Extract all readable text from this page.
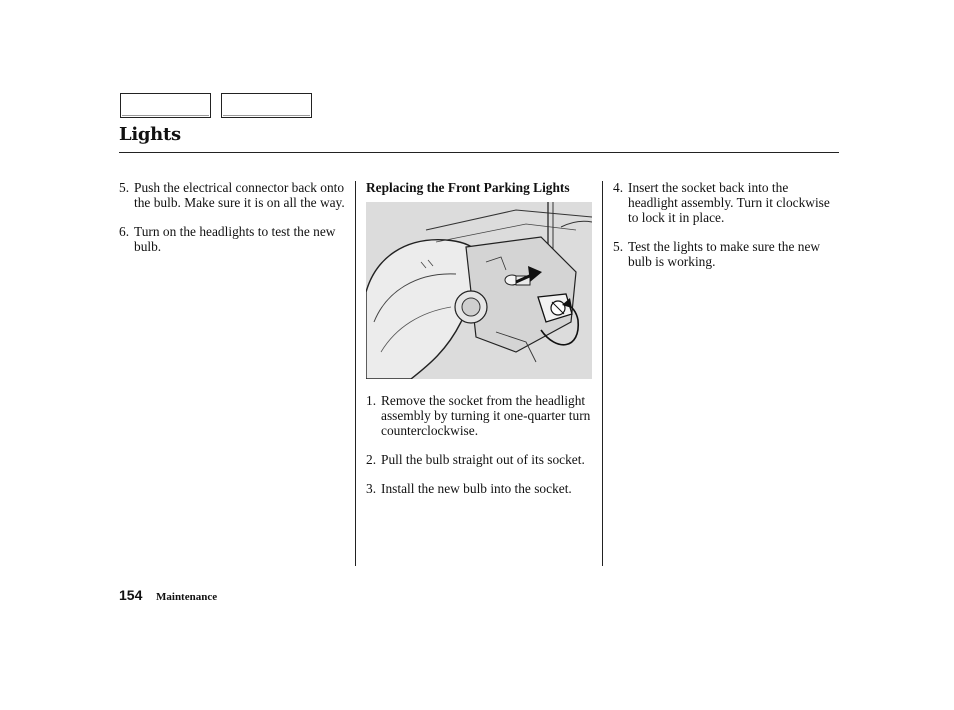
Lights
5. Push the electrical connector back onto the bulb. Make sure it is on all the way.
6. Turn on the headlights to test the new bulb.
Replacing the Front Parking Lights
1. Remove the socket from the headlight assembly by turning it one-quarter turn counterclockwise.
2. Pull the bulb straight out of its socket.
3. Install the new bulb into the socket.
4. Insert the socket back into the headlight assembly. Turn it clockwise to lock it in place.
5. Test the lights to make sure the new bulb is working.
154 Maintenance
